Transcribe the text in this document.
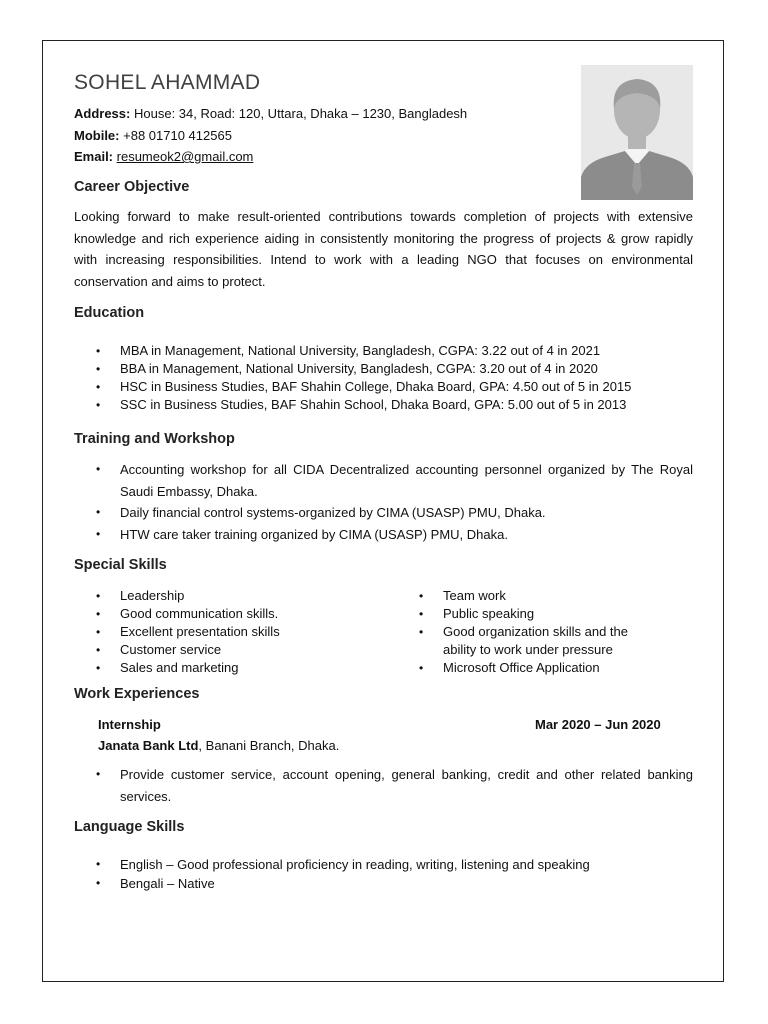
SOHEL AHAMMAD
Address: House: 34, Road: 120, Uttara, Dhaka – 1230, Bangladesh
Mobile: +88 01710 412565
Email: resumeok2@gmail.com
Career Objective
Looking forward to make result-oriented contributions towards completion of projects with extensive knowledge and rich experience aiding in consistently monitoring the progress of projects & grow rapidly with increasing responsibilities. Intend to work with a leading NGO that focuses on environmental conservation and aims to protect.
Education
• MBA in Management, National University, Bangladesh, CGPA: 3.22 out of 4 in 2021
• BBA in Management, National University, Bangladesh, CGPA: 3.20 out of 4 in 2020
• HSC in Business Studies, BAF Shahin College, Dhaka Board, GPA: 4.50 out of 5 in 2015
• SSC in Business Studies, BAF Shahin School, Dhaka Board, GPA: 5.00 out of 5 in 2013
Training and Workshop
• Accounting workshop for all CIDA Decentralized accounting personnel organized by The Royal Saudi Embassy, Dhaka.
• Daily financial control systems-organized by CIMA (USASP) PMU, Dhaka.
• HTW care taker training organized by CIMA (USASP) PMU, Dhaka.
Special Skills
• Leadership
• Good communication skills.
• Excellent presentation skills
• Customer service
• Sales and marketing
• Team work
• Public speaking
• Good organization skills and the ability to work under pressure
• Microsoft Office Application
Work Experiences
Internship	Mar 2020 – Jun 2020
Janata Bank Ltd, Banani Branch, Dhaka.
• Provide customer service, account opening, general banking, credit and other related banking services.
Language Skills
• English – Good professional proficiency in reading, writing, listening and speaking
• Bengali – Native
